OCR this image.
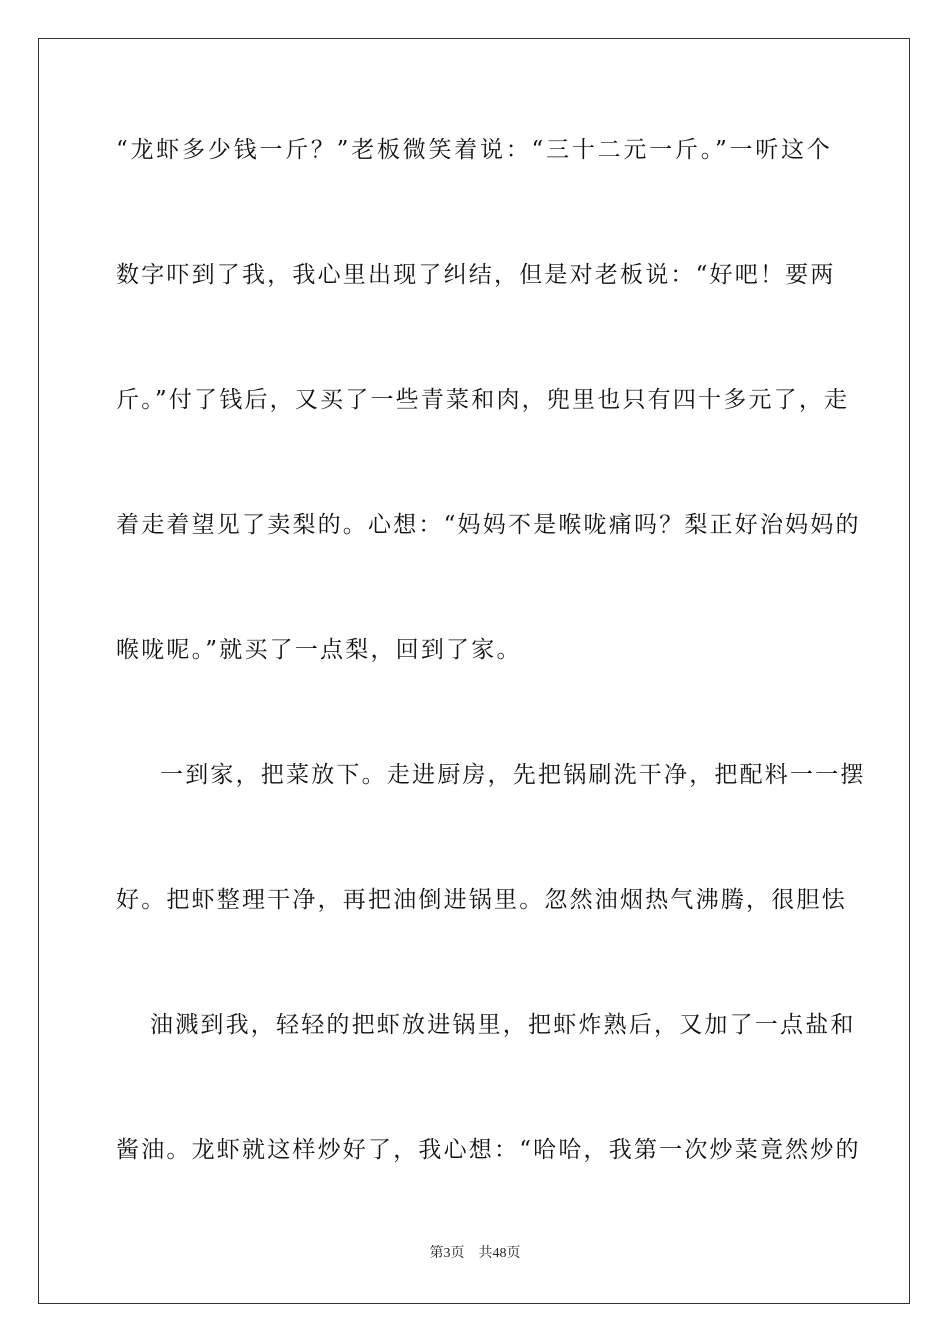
“龙虾多少钱一斤？”老板微笑着说：“三十二元一斤。”一听这个
数字吓到了我，我心里出现了纠结，但是对老板说：“好吧！要两
斤。”付了钱后，又买了一些青菜和肉，兜里也只有四十多元了，走
着走着望见了卖梨的。心想：“妈妈不是喉咙痛吗？梨正好治妈妈的
喉咙呢。”就买了一点梨，回到了家。
一到家，把菜放下。走进厨房，先把锅刷洗干净，把配料一一摆
好。把虾整理干净，再把油倒进锅里。忽然油烟热气沸腾，很胆怯
油溅到我，轻轻的把虾放进锅里，把虾炸熟后，又加了一点盐和
酱油。龙虾就这样炒好了，我心想：“哈哈，我第一次炒菜竟然炒的
第3页 共48页
